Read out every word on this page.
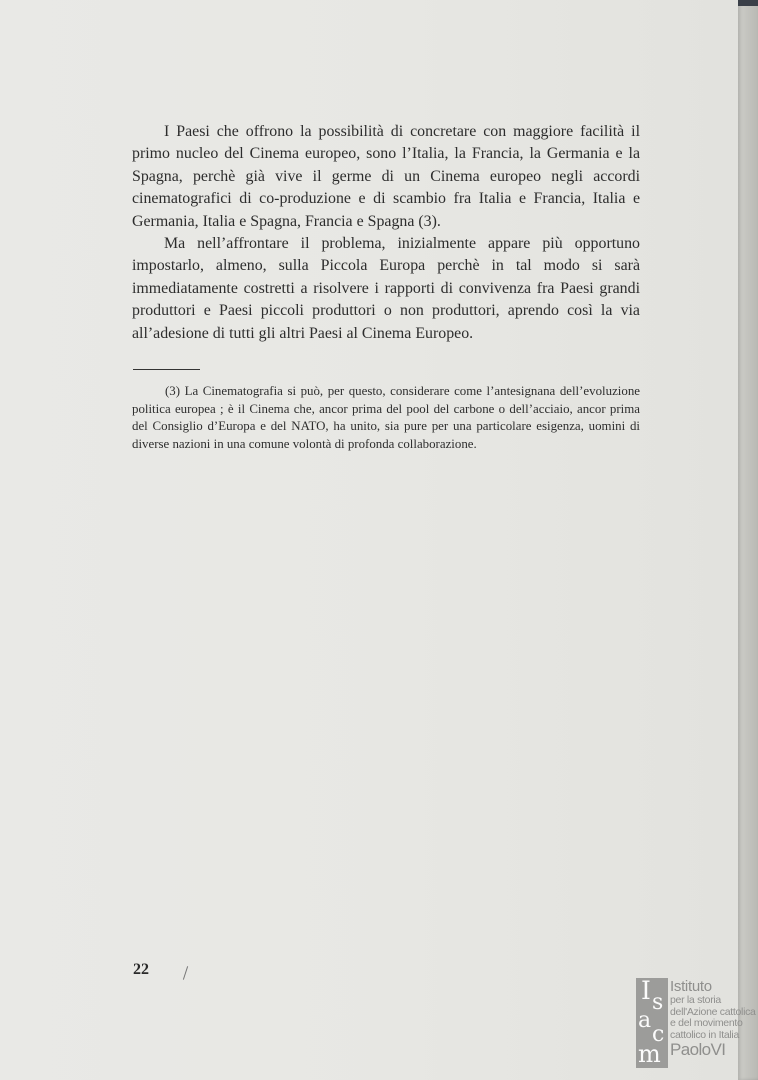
I Paesi che offrono la possibilità di concretare con maggiore facilità il primo nucleo del Cinema europeo, sono l’Italia, la Francia, la Germania e la Spagna, perchè già vive il germe di un Cinema europeo negli accordi cinematografici di co-produzione e di scambio fra Italia e Francia, Italia e Germania, Italia e Spagna, Francia e Spagna (3).

Ma nell’affrontare il problema, inizialmente appare più opportuno impostarlo, almeno, sulla Piccola Europa perchè in tal modo si sarà immediatamente costretti a risolvere i rapporti di convivenza fra Paesi grandi produttori e Paesi piccoli produttori o non produttori, aprendo così la via all’adesione di tutti gli altri Paesi al Cinema Europeo.

(3) La Cinematografia si può, per questo, considerare come l’antesignana dell’evoluzione politica europea ; è il Cinema che, ancor prima del pool del carbone o dell’acciaio, ancor prima del Consiglio d’Europa e del NATO, ha unito, sia pure per una particolare esigenza, uomini di diverse nazioni in una comune volontà di profonda collaborazione.

22
I s
a
c
m
Istituto
per la storia
dell'Azione cattolica
e del movimento
cattolico in Italia
PaoloVI
